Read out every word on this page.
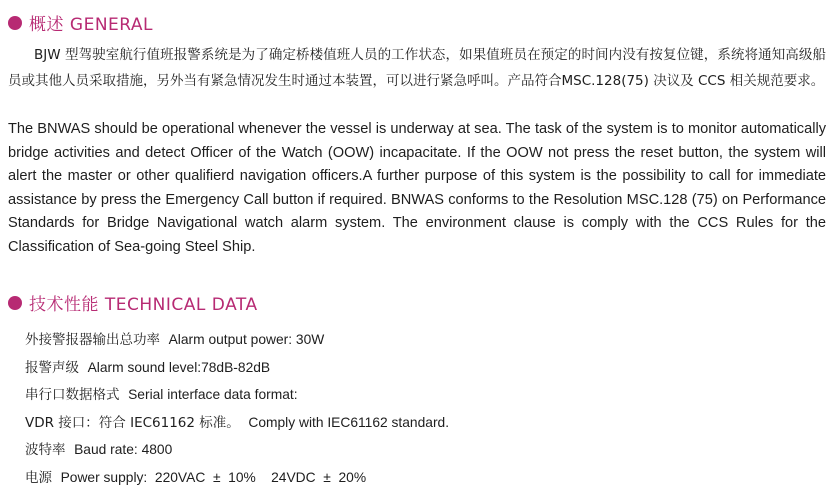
概述 GENERAL
BJW 型驾驶室航行值班报警系统是为了确定桥楼值班人员的工作状态，如果值班员在预定的时间内没有按复位键，系统将通知高级船员或其他人员采取措施，另外当有紧急情况发生时通过本装置，可以进行紧急呼叫。产品符合MSC.128(75) 决议及 CCS 相关规范要求。
The BNWAS should be operational whenever the vessel is underway at sea. The task of the system is to monitor automatically bridge activities and detect Officer of the Watch (OOW) incapacitate. If the OOW not press the reset button, the system will alert the master or other qualifierd navigation officers.A further purpose of this system is the possibility to call for immediate assistance by press the Emergency Call button if required. BNWAS conforms to the Resolution MSC.128 (75) on Performance Standards for Bridge Navigational watch alarm system. The environment clause is comply with the CCS Rules for the Classification of Sea-going Steel Ship.
技术性能 TECHNICAL DATA
外接警报器输出总功率 Alarm output power: 30W
报警声级 Alarm sound level:78dB-82dB
串行口数据格式 Serial interface data format:
VDR 接口：符合 IEC61162 标准。 Comply with IEC61162 standard.
波特率 Baud rate: 4800
电源 Power supply:  220VAC  ±  10%    24VDC  ±  20%
